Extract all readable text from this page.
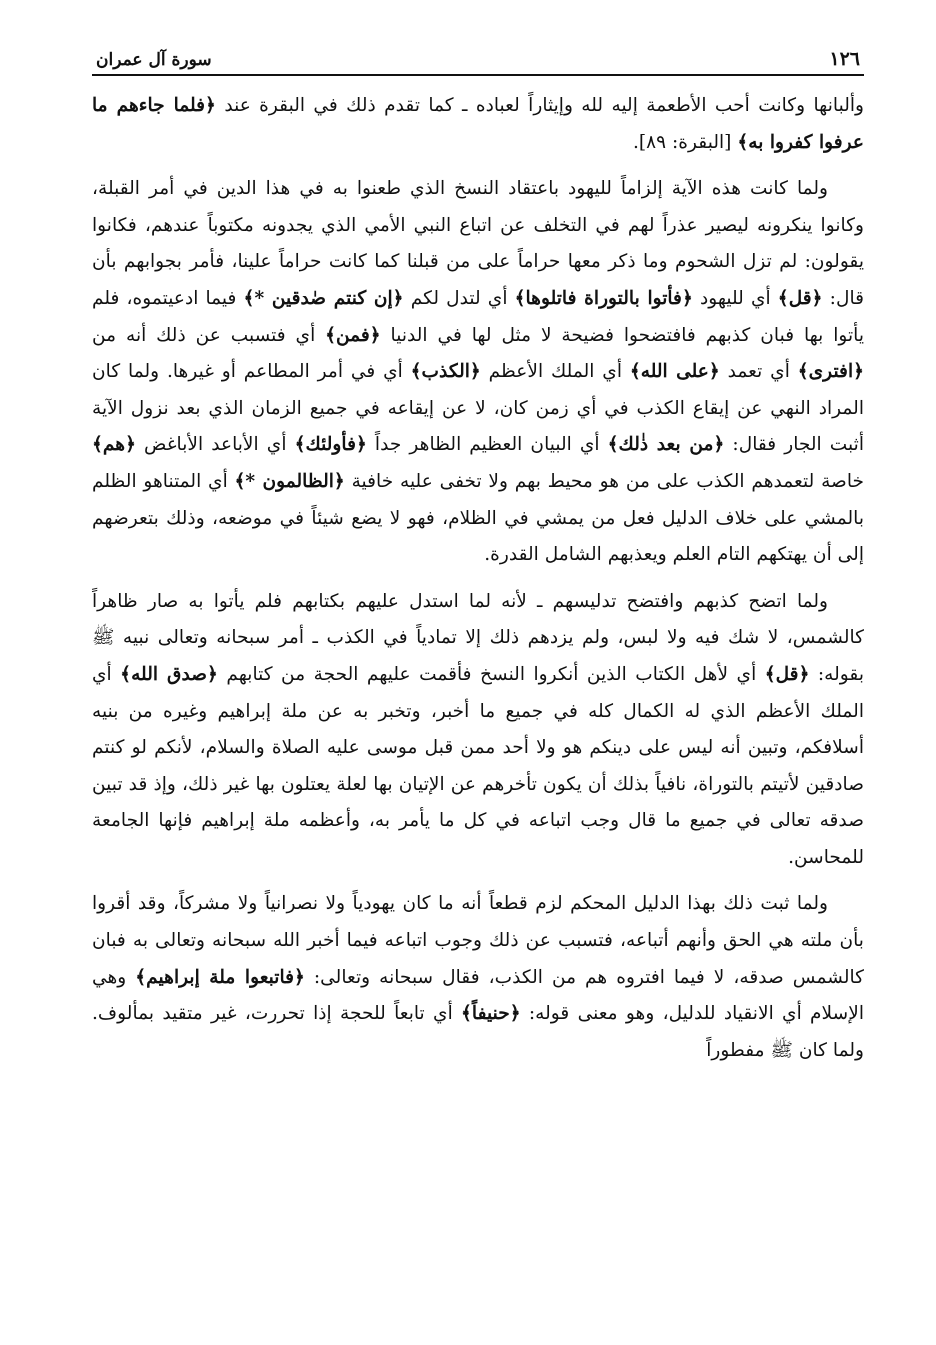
١٢٦
سورة آل عمران

وألبانها وكانت أحب الأطعمة إليه لله وإيثاراً لعباده ـ كما تقدم ذلك في البقرة عند ﴿فلما جاءهم ما عرفوا كفروا به﴾ [البقرة: ٨٩].

ولما كانت هذه الآية إلزاماً لليهود باعتقاد النسخ الذي طعنوا به في هذا الدين في أمر القبلة، وكانوا ينكرونه ليصير عذراً لهم في التخلف عن اتباع النبي الأمي الذي يجدونه مكتوباً عندهم، فكانوا يقولون: لم تزل الشحوم وما ذكر معها حراماً على من قبلنا كما كانت حراماً علينا، فأمر بجوابهم بأن قال: ﴿قل﴾ أي لليهود ﴿فأتوا بالتوراة فاتلوها﴾ أي لتدل لكم ﴿إن كنتم صٰدقين *﴾ فيما ادعيتموه، فلم يأتوا بها فبان كذبهم فافتضحوا فضيحة لا مثل لها في الدنيا ﴿فمن﴾ أي فتسبب عن ذلك أنه من ﴿افترى﴾ أي تعمد ﴿على الله﴾ أي الملك الأعظم ﴿الكذب﴾ أي في أمر المطاعم أو غيرها. ولما كان المراد النهي عن إيقاع الكذب في أي زمن كان، لا عن إيقاعه في جميع الزمان الذي بعد نزول الآية أثبت الجار فقال: ﴿من بعد ذٰلك﴾ أي البيان العظيم الظاهر جداً ﴿فأولئك﴾ أي الأباعد الأباغض ﴿هم﴾ خاصة لتعمدهم الكذب على من هو محيط بهم ولا تخفى عليه خافية ﴿الظالمون *﴾ أي المتناهو الظلم بالمشي على خلاف الدليل فعل من يمشي في الظلام، فهو لا يضع شيئاً في موضعه، وذلك بتعرضهم إلى أن يهتكهم التام العلم ويعذبهم الشامل القدرة.

ولما اتضح كذبهم وافتضح تدليسهم ـ لأنه لما استدل عليهم بكتابهم فلم يأتوا به صار ظاهراً كالشمس، لا شك فيه ولا لبس، ولم يزدهم ذلك إلا تمادياً في الكذب ـ أمر سبحانه وتعالى نبيه ﷺ بقوله: ﴿قل﴾ أي لأهل الكتاب الذين أنكروا النسخ فأقمت عليهم الحجة من كتابهم ﴿صدق الله﴾ أي الملك الأعظم الذي له الكمال كله في جميع ما أخبر، وتخبر به عن ملة إبراهيم وغيره من بنيه أسلافكم، وتبين أنه ليس على دينكم هو ولا أحد ممن قبل موسى عليه الصلاة والسلام، لأنكم لو كنتم صادقين لأتيتم بالتوراة، نافياً بذلك أن يكون تأخرهم عن الإتيان بها لعلة يعتلون بها غير ذلك، وإذ قد تبين صدقه تعالى في جميع ما قال وجب اتباعه في كل ما يأمر به، وأعظمه ملة إبراهيم فإنها الجامعة للمحاسن.

ولما ثبت ذلك بهذا الدليل المحكم لزم قطعاً أنه ما كان يهودياً ولا نصرانياً ولا مشركاً، وقد أقروا بأن ملته هي الحق وأنهم أتباعه، فتسبب عن ذلك وجوب اتباعه فيما أخبر الله سبحانه وتعالى به فبان كالشمس صدقه، لا فيما افتروه هم من الكذب، فقال سبحانه وتعالى: ﴿فاتبعوا ملة إبراهيم﴾ وهي الإسلام أي الانقياد للدليل، وهو معنى قوله: ﴿حنيفاً﴾ أي تابعاً للحجة إذا تحررت، غير متقيد بمألوف. ولما كان ﷺ مفطوراً
